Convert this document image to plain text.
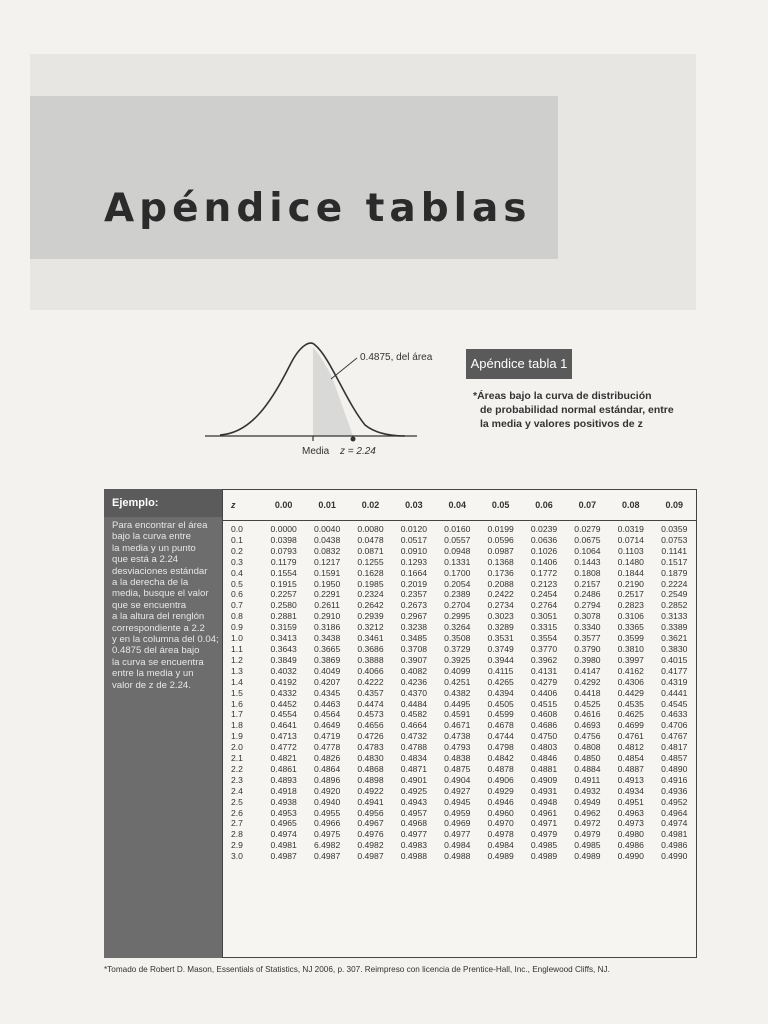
Apéndice tablas
0.4875, del área
Media z = 2.24
Apéndice tabla 1
*Áreas bajo la curva de distribución
de probabilidad normal estándar, entre
la media y valores positivos de z
Ejemplo:
Para encontrar el área
bajo la curva entre
la media y un punto
que está a 2.24
desviaciones estándar
a la derecha de la
media, busque el valor
que se encuentra
a la altura del renglón
correspondiente a 2.2
y en la columna del 0.04;
0.4875 del área bajo
la curva se encuentra
entre la media y un
valor de z de 2.24.
z	0.00	0.01	0.02	0.03	0.04	0.05	0.06	0.07	0.08	0.09
0.0	0.0000	0.0040	0.0080	0.0120	0.0160	0.0199	0.0239	0.0279	0.0319	0.0359
0.1	0.0398	0.0438	0.0478	0.0517	0.0557	0.0596	0.0636	0.0675	0.0714	0.0753
0.2	0.0793	0.0832	0.0871	0.0910	0.0948	0.0987	0.1026	0.1064	0.1103	0.1141
0.3	0.1179	0.1217	0.1255	0.1293	0.1331	0.1368	0.1406	0.1443	0.1480	0.1517
0.4	0.1554	0.1591	0.1628	0.1664	0.1700	0.1736	0.1772	0.1808	0.1844	0.1879
0.5	0.1915	0.1950	0.1985	0.2019	0.2054	0.2088	0.2123	0.2157	0.2190	0.2224
0.6	0.2257	0.2291	0.2324	0.2357	0.2389	0.2422	0.2454	0.2486	0.2517	0.2549
0.7	0.2580	0.2611	0.2642	0.2673	0.2704	0.2734	0.2764	0.2794	0.2823	0.2852
0.8	0.2881	0.2910	0.2939	0.2967	0.2995	0.3023	0.3051	0.3078	0.3106	0.3133
0.9	0.3159	0.3186	0.3212	0.3238	0.3264	0.3289	0.3315	0.3340	0.3365	0.3389
1.0	0.3413	0.3438	0.3461	0.3485	0.3508	0.3531	0.3554	0.3577	0.3599	0.3621
1.1	0.3643	0.3665	0.3686	0.3708	0.3729	0.3749	0.3770	0.3790	0.3810	0.3830
1.2	0.3849	0.3869	0.3888	0.3907	0.3925	0.3944	0.3962	0.3980	0.3997	0.4015
1.3	0.4032	0.4049	0.4066	0.4082	0.4099	0.4115	0.4131	0.4147	0.4162	0.4177
1.4	0.4192	0.4207	0.4222	0.4236	0.4251	0.4265	0.4279	0.4292	0.4306	0.4319
1.5	0.4332	0.4345	0.4357	0.4370	0.4382	0.4394	0.4406	0.4418	0.4429	0.4441
1.6	0.4452	0.4463	0.4474	0.4484	0.4495	0.4505	0.4515	0.4525	0.4535	0.4545
1.7	0.4554	0.4564	0.4573	0.4582	0.4591	0.4599	0.4608	0.4616	0.4625	0.4633
1.8	0.4641	0.4649	0.4656	0.4664	0.4671	0.4678	0.4686	0.4693	0.4699	0.4706
1.9	0.4713	0.4719	0.4726	0.4732	0.4738	0.4744	0.4750	0.4756	0.4761	0.4767
2.0	0.4772	0.4778	0.4783	0.4788	0.4793	0.4798	0.4803	0.4808	0.4812	0.4817
2.1	0.4821	0.4826	0.4830	0.4834	0.4838	0.4842	0.4846	0.4850	0.4854	0.4857
2.2	0.4861	0.4864	0.4868	0.4871	0.4875	0.4878	0.4881	0.4884	0.4887	0.4890
2.3	0.4893	0.4896	0.4898	0.4901	0.4904	0.4906	0.4909	0.4911	0.4913	0.4916
2.4	0.4918	0.4920	0.4922	0.4925	0.4927	0.4929	0.4931	0.4932	0.4934	0.4936
2.5	0.4938	0.4940	0.4941	0.4943	0.4945	0.4946	0.4948	0.4949	0.4951	0.4952
2.6	0.4953	0.4955	0.4956	0.4957	0.4959	0.4960	0.4961	0.4962	0.4963	0.4964
2.7	0.4965	0.4966	0.4967	0.4968	0.4969	0.4970	0.4971	0.4972	0.4973	0.4974
2.8	0.4974	0.4975	0.4976	0.4977	0.4977	0.4978	0.4979	0.4979	0.4980	0.4981
2.9	0.4981	6.4982	0.4982	0.4983	0.4984	0.4984	0.4985	0.4985	0.4986	0.4986
3.0	0.4987	0.4987	0.4987	0.4988	0.4988	0.4989	0.4989	0.4989	0.4990	0.4990
*Tomado de Robert D. Mason, Essentials of Statistics, NJ 2006, p. 307. Reimpreso con licencia de Prentice-Hall, Inc., Englewood Cliffs, NJ.
